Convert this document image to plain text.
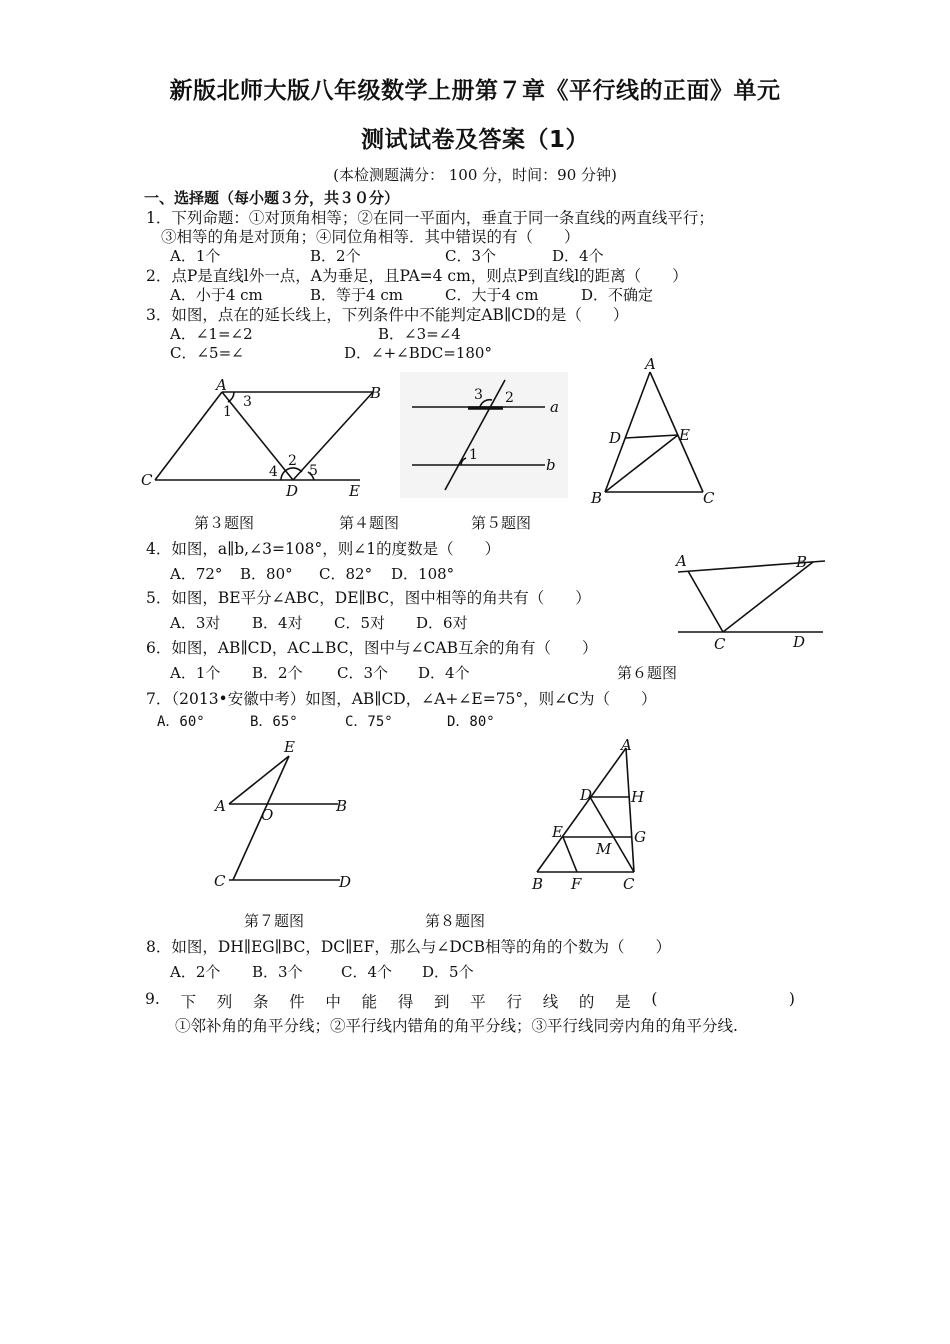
新版北师大版八年级数学上册第７章《平行线的正面》单元
测试试卷及答案（1）
(本检测题满分： 100 分，时间：90 分钟)
一、选择题（每小题３分，共３０分）
1．下列命题：①对顶角相等；②在同一平面内，垂直于同一条直线的两直线平行；
③相等的角是对顶角；④同位角相等．其中错误的有（　　）
A．1个	B．2个	C．3个	D．4个
2．点P是直线l外一点，A为垂足，且PA=4 cm，则点P到直线l的距离（　　）
A．小于4 cm	B．等于4 cm	C．大于4 cm	D．不确定
3．如图，点在的延长线上，下列条件中不能判定AB∥CD的是（　　）
A．∠1=∠2	B．∠3=∠4
C．∠5=∠	D．∠+∠BDC=180°
A	B
C
D	E
1
2
3
4 5
3 2 a
1
b
A
D	E
B	C
第３题图	第４题图	第５题图
4．如图，a∥b,∠3=108°，则∠1的度数是（　　）
A．72° B．80° C．82° D．108°
5．如图，BE平分∠ABC，DE∥BC，图中相等的角共有（　　）
A．3对 B．4对 C．5对 D．6对
A	B
C	D
6．如图，AB∥CD，AC⊥BC，图中与∠CAB互余的角有（　　）
A．1个 B．2个 C．3个 D．4个	第６题图
7．（2013•安徽中考）如图，AB∥CD，∠A+∠E=75°，则∠C为（　　）
A．60°	B．65°	C．75°	D．80°
E
A O	B
C	D
A
D	H
E	G
M
B F	C
第７题图	第８题图
8．如图，DH∥EG∥BC，DC∥EF，那么与∠DCB相等的角的个数为（　　）
A．2个 B．3个	C．4个 D．5个
9. 下 列 条 件 中 能 得 到 平 行 线 的 是 (	)
①邻补角的角平分线；②平行线内错角的角平分线；③平行线同旁内角的角平分线.
